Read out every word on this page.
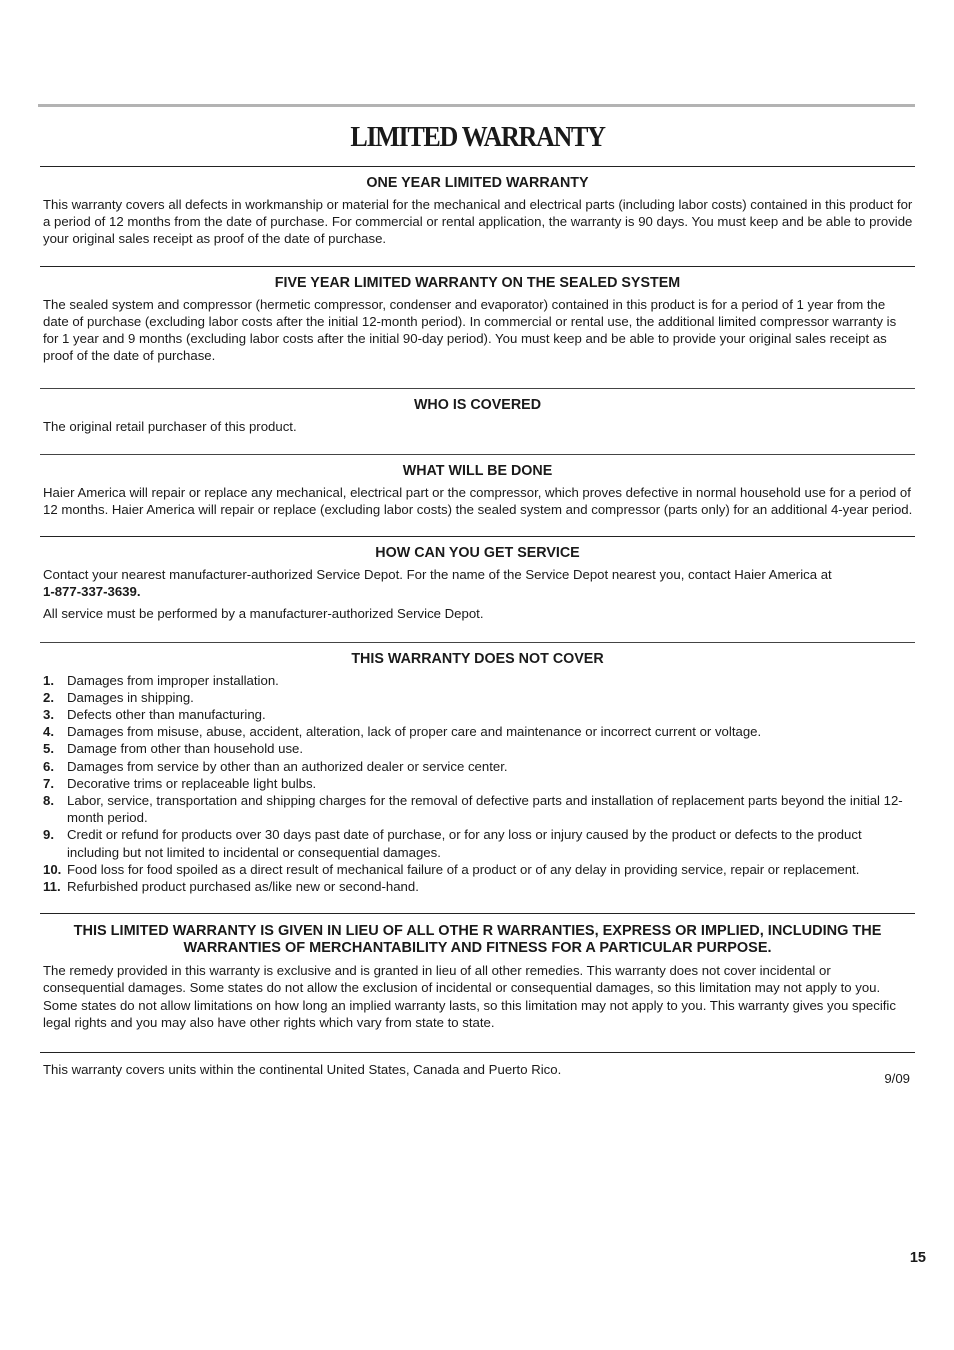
LIMITED WARRANTY
ONE YEAR LIMITED WARRANTY
This warranty covers all defects in workmanship or material for the mechanical and electrical parts (including labor costs) contained in this product for a period of 12 months from the date of purchase. For commercial or rental application, the warranty is 90 days. You must keep and be able to provide your original sales receipt as proof of the date of purchase.
FIVE YEAR LIMITED WARRANTY ON THE SEALED SYSTEM
The sealed system and compressor (hermetic compressor, condenser and evaporator) contained in this product is for a period of 1 year from the date of purchase (excluding labor costs after the initial 12-month period). In commercial or rental use, the additional limited compressor warranty is for 1 year and 9 months (excluding labor costs after the initial 90-day period). You must keep and be able to provide your original sales receipt as proof of the date of purchase.
WHO IS COVERED
The original retail purchaser of this product.
WHAT WILL BE DONE
Haier America will repair or replace any mechanical, electrical part or the compressor, which proves defective in normal household use for a period of 12 months. Haier America will repair or replace (excluding labor costs) the sealed system and compressor (parts only) for an additional 4-year period.
HOW CAN YOU GET SERVICE
Contact your nearest manufacturer-authorized Service Depot. For the name of the Service Depot nearest you, contact Haier America at
1-877-337-3639.
All service must be performed by a manufacturer-authorized Service Depot.
THIS WARRANTY DOES NOT COVER
1. Damages from improper installation.
2. Damages in shipping.
3. Defects other than manufacturing.
4. Damages from misuse, abuse, accident, alteration, lack of proper care and maintenance or incorrect current or voltage.
5. Damage from other than household use.
6. Damages from service by other than an authorized dealer or service center.
7. Decorative trims or replaceable light bulbs.
8. Labor, service, transportation and shipping charges for the removal of defective parts and installation of replacement parts beyond the initial 12-month period.
9. Credit or refund for products over 30 days past date of purchase, or for any loss or injury caused by the product or defects to the product including but not limited to incidental or consequential damages.
10. Food loss for food spoiled as a direct result of mechanical failure of a product or of any delay in providing service, repair or replacement.
11. Refurbished product purchased as/like new or second-hand.
THIS LIMITED WARRANTY IS GIVEN IN LIEU OF ALL OTHE R WARRANTIES, EXPRESS OR IMPLIED, INCLUDING THE WARRANTIES OF MERCHANTABILITY AND FITNESS FOR A PARTICULAR PURPOSE.
The remedy provided in this warranty is exclusive and is granted in lieu of all other remedies. This warranty does not cover incidental or consequential damages. Some states do not allow the exclusion of incidental or consequential damages, so this limitation may not apply to you. Some states do not allow limitations on how long an implied warranty lasts, so this limitation may not apply to you. This warranty gives you specific legal rights and you may also have other rights which vary from state to state.
This warranty covers units within the continental United States, Canada and Puerto Rico.
9/09
15
